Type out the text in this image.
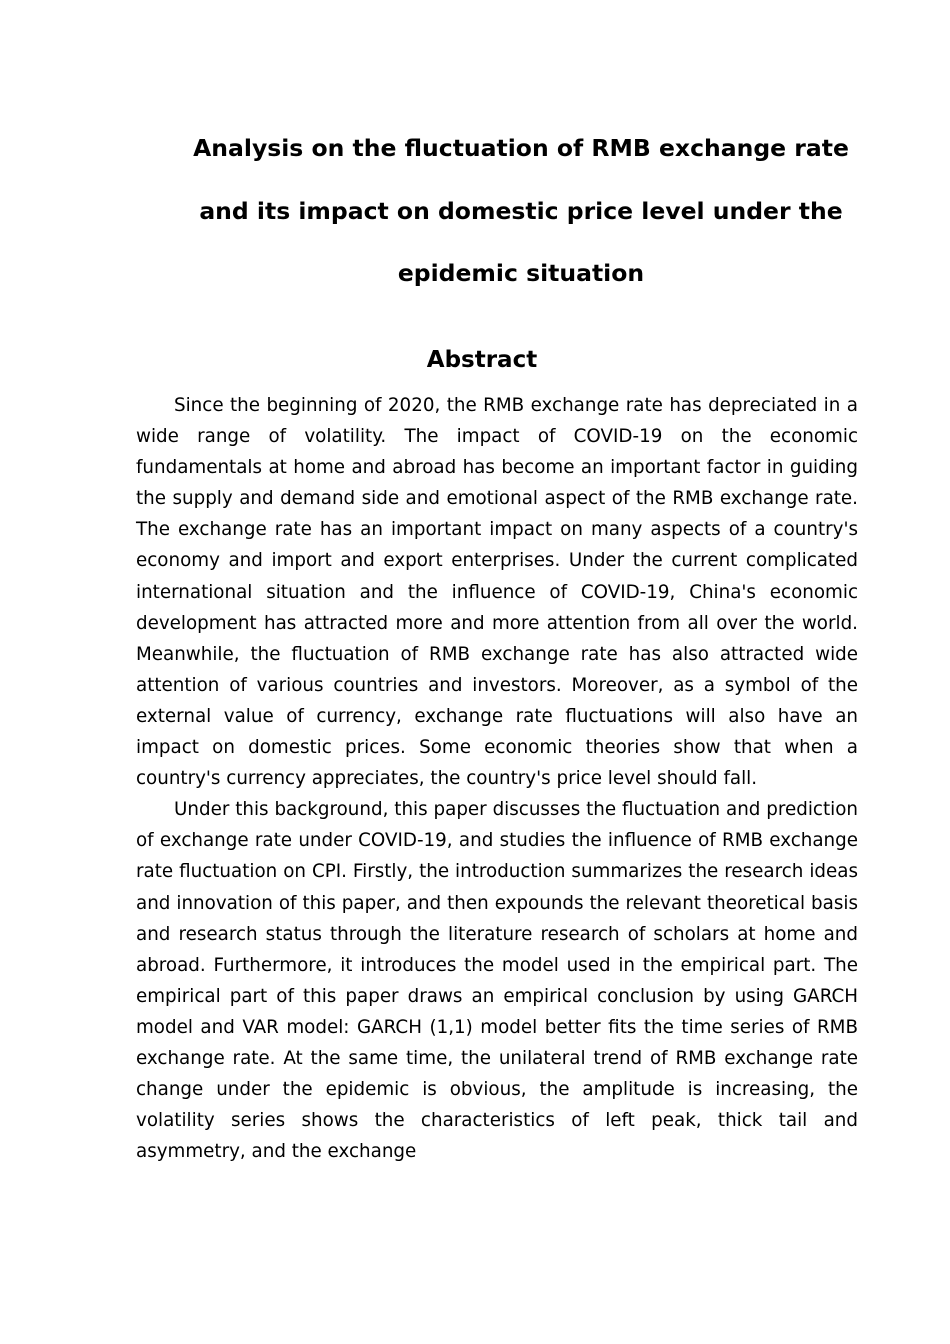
Analysis on the fluctuation of RMB exchange rate
and its impact on domestic price level under the
epidemic situation
Abstract

Since the beginning of 2020, the RMB exchange rate has depreciated in a wide range of volatility. The impact of COVID-19 on the economic fundamentals at home and abroad has become an important factor in guiding the supply and demand side and emotional aspect of the RMB exchange rate. The exchange rate has an important impact on many aspects of a country's economy and import and export enterprises. Under the current complicated international situation and the influence of COVID-19, China's economic development has attracted more and more attention from all over the world. Meanwhile, the fluctuation of RMB exchange rate has also attracted wide attention of various countries and investors. Moreover, as a symbol of the external value of currency, exchange rate fluctuations will also have an impact on domestic prices. Some economic theories show that when a country's currency appreciates, the country's price level should fall.

Under this background, this paper discusses the fluctuation and prediction of exchange rate under COVID-19, and studies the influence of RMB exchange rate fluctuation on CPI. Firstly, the introduction summarizes the research ideas and innovation of this paper, and then expounds the relevant theoretical basis and research status through the literature research of scholars at home and abroad. Furthermore, it introduces the model used in the empirical part. The empirical part of this paper draws an empirical conclusion by using GARCH model and VAR model: GARCH (1,1) model better fits the time series of RMB exchange rate. At the same time, the unilateral trend of RMB exchange rate change under the epidemic is obvious, the amplitude is increasing, the volatility series shows the characteristics of left peak, thick tail and asymmetry, and the exchange
